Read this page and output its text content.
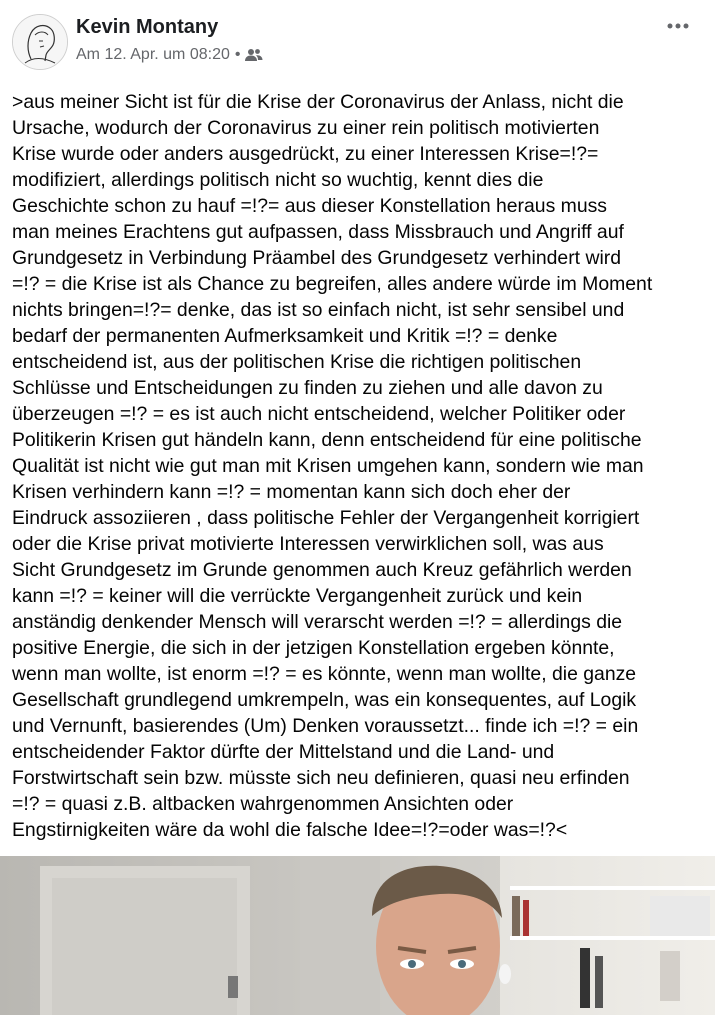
Kevin Montany
Am 12. Apr. um 08:20 •
>aus meiner Sicht ist für die Krise der Coronavirus der Anlass, nicht die
Ursache, wodurch der Coronavirus zu einer rein politisch motivierten
Krise wurde oder anders ausgedrückt, zu einer Interessen Krise=!?=
modifiziert, allerdings politisch nicht so wuchtig, kennt dies die
Geschichte schon zu hauf =!?= aus dieser Konstellation heraus muss
man meines Erachtens gut aufpassen, dass Missbrauch und Angriff auf
Grundgesetz in Verbindung Präambel des Grundgesetz verhindert wird
=!? = die Krise ist als Chance zu begreifen, alles andere würde im Moment
nichts bringen=!?= denke, das ist so einfach nicht, ist sehr sensibel und
bedarf der permanenten Aufmerksamkeit und Kritik =!? = denke
entscheidend ist, aus der politischen Krise die richtigen politischen
Schlüsse und Entscheidungen zu finden zu ziehen und alle davon zu
überzeugen =!? = es ist auch nicht entscheidend, welcher Politiker oder
Politikerin Krisen gut händeln kann, denn entscheidend für eine politische
Qualität ist nicht wie gut man mit Krisen umgehen kann, sondern wie man
Krisen verhindern kann =!? = momentan kann sich doch eher der
Eindruck assoziieren , dass politische Fehler der Vergangenheit korrigiert
oder die Krise privat motivierte Interessen verwirklichen soll, was aus
Sicht Grundgesetz im Grunde genommen auch Kreuz gefährlich werden
kann =!? = keiner will die verrückte Vergangenheit zurück und kein
anständig denkender Mensch will verarscht werden =!? = allerdings die
positive Energie, die sich in der jetzigen Konstellation ergeben könnte,
wenn man wollte, ist enorm =!? = es könnte, wenn man wollte, die ganze
Gesellschaft grundlegend umkrempeln, was ein konsequentes, auf Logik
und Vernunft, basierendes (Um) Denken voraussetzt... finde ich =!? = ein
entscheidender Faktor dürfte der Mittelstand und die Land- und
Forstwirtschaft sein bzw. müsste sich neu definieren, quasi neu erfinden
=!? = quasi z.B. altbacken wahrgenommen Ansichten oder
Engstirnigkeiten wäre da wohl die falsche Idee=!?=oder was=!?<
